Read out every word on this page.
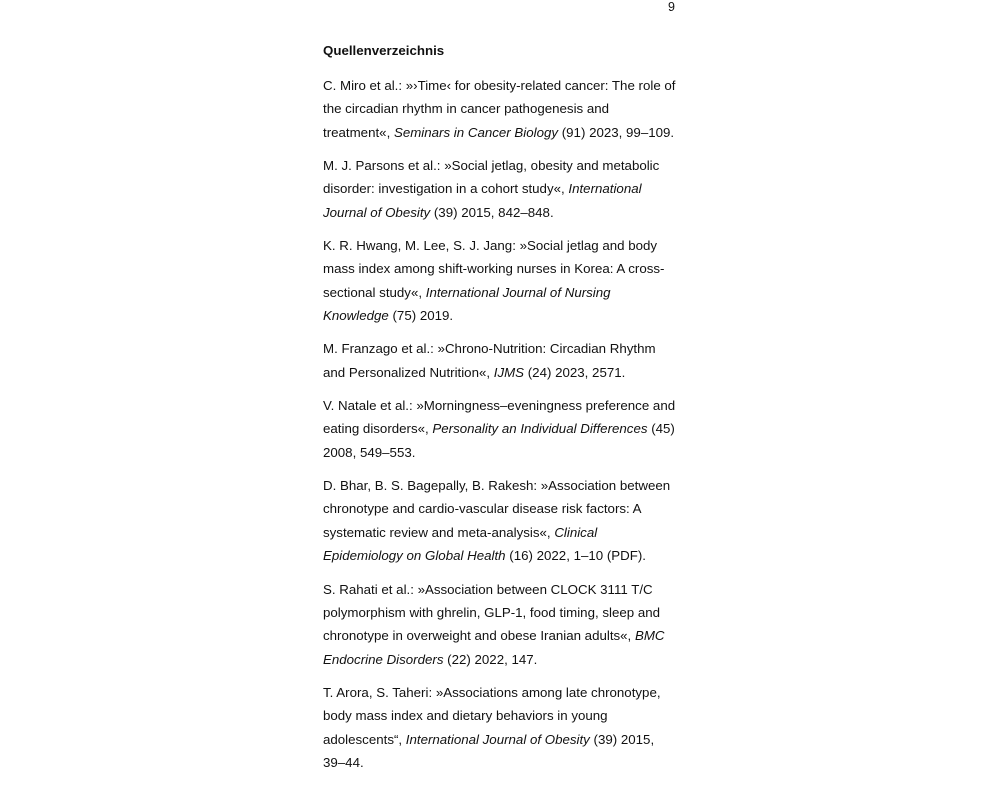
9
Quellenverzeichnis

C. Miro et al.: »›Time‹ for obesity-related cancer: The role of the circadian rhythm in cancer pathogenesis and treatment«, Seminars in Cancer Biology (91) 2023, 99–109.

M. J. Parsons et al.: »Social jetlag, obesity and metabolic disorder: investigation in a cohort study«, International Journal of Obesity (39) 2015, 842–848.

K. R. Hwang, M. Lee, S. J. Jang: »Social jetlag and body mass index among shift-working nurses in Korea: A cross-sectional study«, International Journal of Nursing Knowledge (75) 2019.

M. Franzago et al.: »Chrono-Nutrition: Circadian Rhythm and Personalized Nutrition«, IJMS (24) 2023, 2571.

V. Natale et al.: »Morningness–eveningness preference and eating disorders«, Personality an Individual Differences (45) 2008, 549–553.

D. Bhar, B. S. Bagepally, B. Rakesh: »Association between chronotype and cardio-vascular disease risk factors: A systematic review and meta-analysis«, Clinical Epidemiology on Global Health (16) 2022, 1–10 (PDF).

S. Rahati et al.: »Association between CLOCK 3111 T/C polymorphism with ghrelin, GLP-1, food timing, sleep and chronotype in overweight and obese Iranian adults«, BMC Endocrine Disorders (22) 2022, 147.

T. Arora, S. Taheri: »Associations among late chronotype, body mass index and dietary behaviors in young adolescents“, International Journal of Obesity (39) 2015, 39–44.
